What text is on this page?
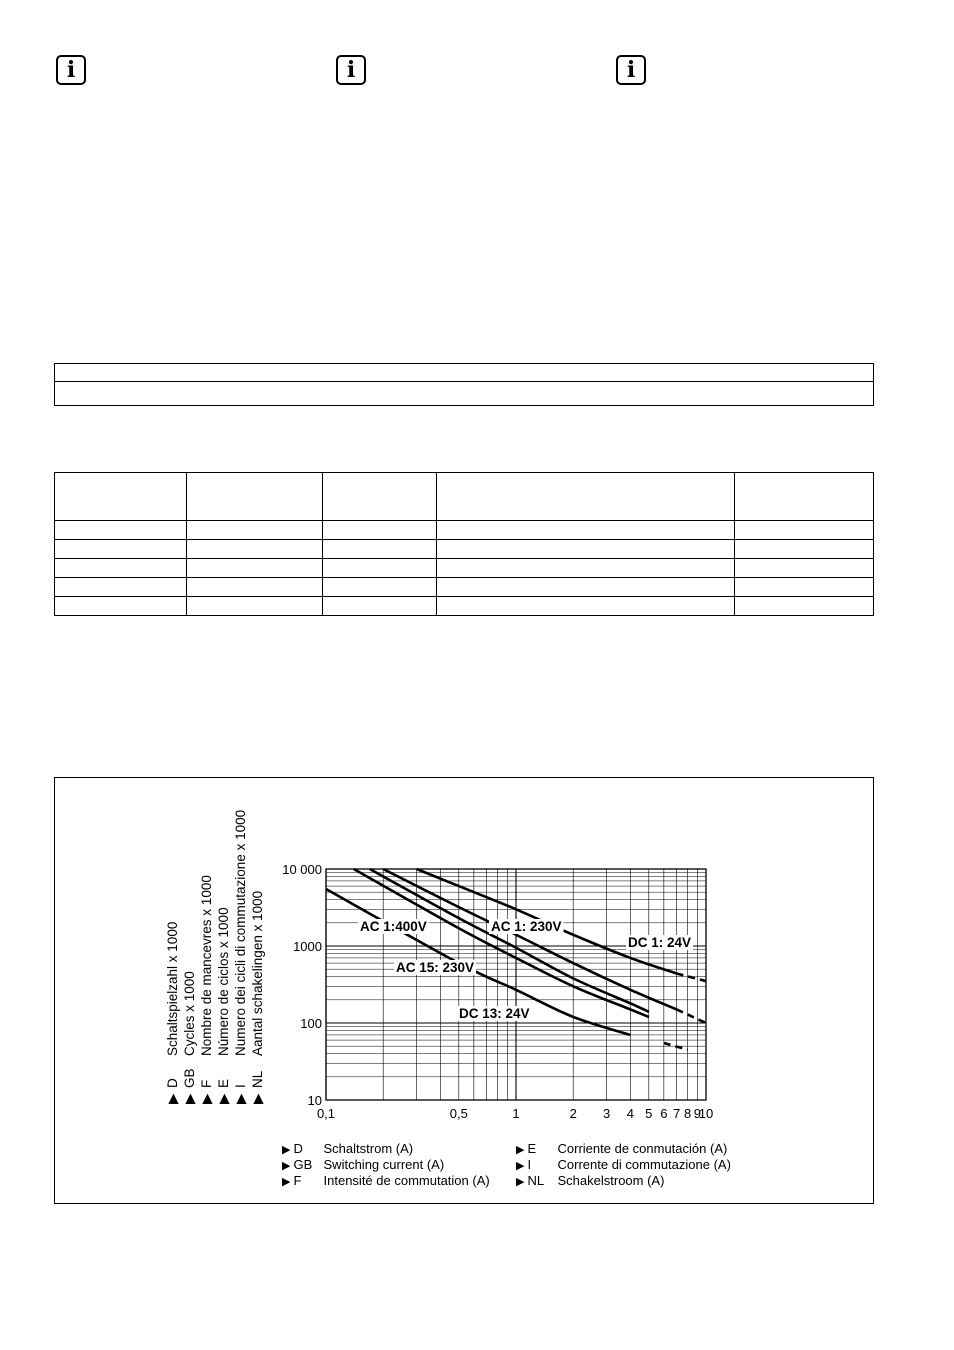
i	i	i

10
100
1000
10 000
0,1	0,5	1	2 3 4 5 6 7 8 9
10
DC 1: 24V
AC 1: 230V
AC 1:400V
AC 15: 230V
DC 13: 24V
▶
D
Schaltspielzahl x 1000
▶
GB
Cycles x 1000
▶
F
Nombre de mancevres x 1000
▶
E
Número de ciclos x 1000
▶
I
Numero dei cicli di commutazione x 1000
▶
NL
Aantal schakelingen x 1000
▶ D Schaltstrom (A)
▶ GB Switching current (A)
▶ F Intensité de commutation (A)
▶ E Corriente de conmutación (A)
▶ I Corrente di commutazione (A)
▶ NL Schakelstroom (A)
